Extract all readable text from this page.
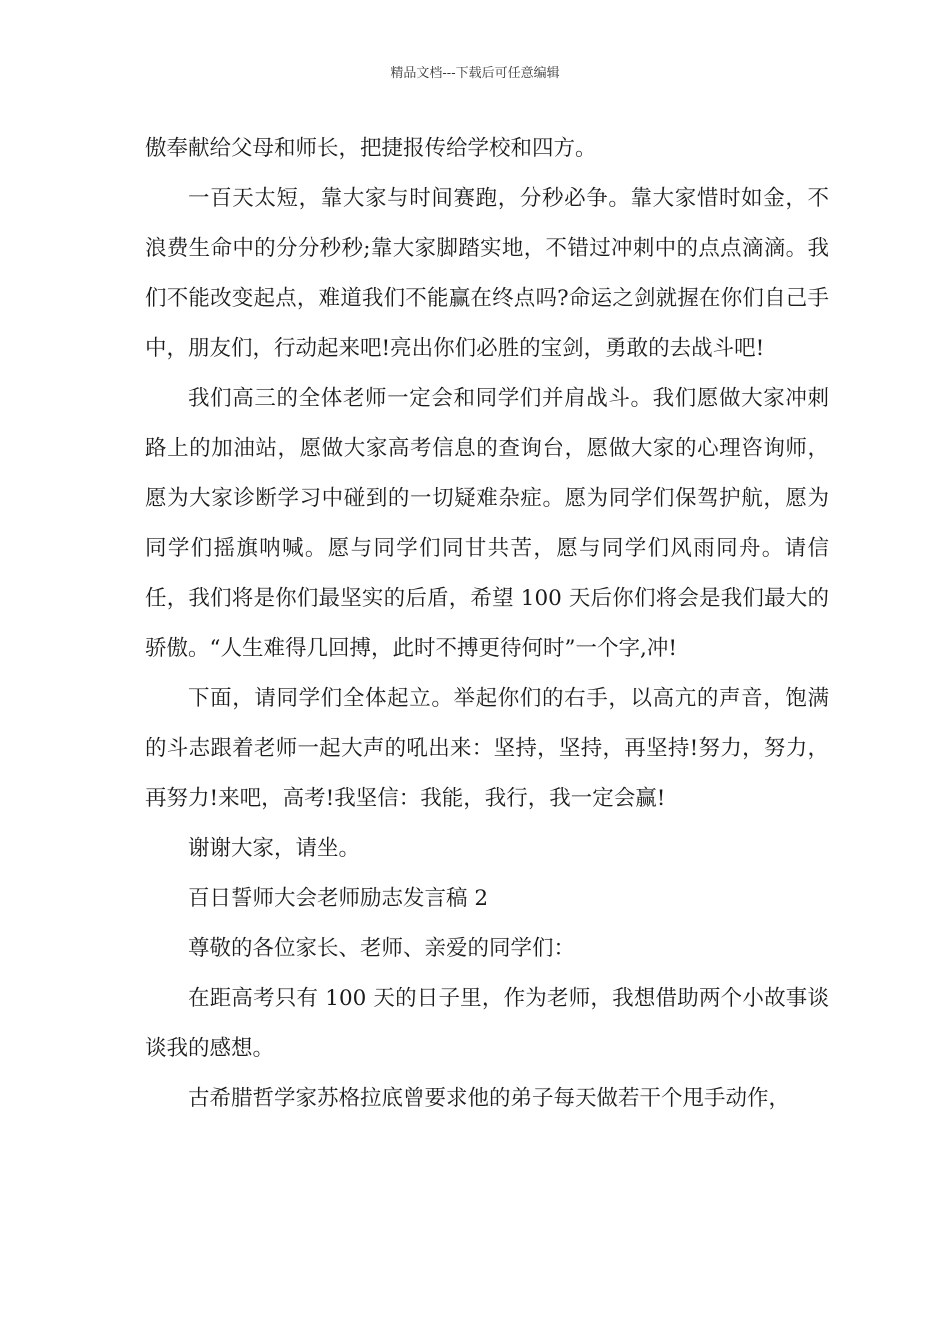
精品文档---下载后可任意编辑

傲奉献给父母和师长，把捷报传给学校和四方。

一百天太短，靠大家与时间赛跑，分秒必争。靠大家惜时如金，不浪费生命中的分分秒秒;靠大家脚踏实地，不错过冲刺中的点点滴滴。我们不能改变起点，难道我们不能赢在终点吗?命运之剑就握在你们自己手中，朋友们，行动起来吧!亮出你们必胜的宝剑，勇敢的去战斗吧!

我们高三的全体老师一定会和同学们并肩战斗。我们愿做大家冲刺路上的加油站，愿做大家高考信息的查询台，愿做大家的心理咨询师，愿为大家诊断学习中碰到的一切疑难杂症。愿为同学们保驾护航，愿为同学们摇旗呐喊。愿与同学们同甘共苦，愿与同学们风雨同舟。请信任，我们将是你们最坚实的后盾，希望 100 天后你们将会是我们最大的骄傲。“人生难得几回搏，此时不搏更待何时”一个字,冲!

下面，请同学们全体起立。举起你们的右手，以高亢的声音，饱满的斗志跟着老师一起大声的吼出来：坚持，坚持，再坚持!努力，努力，再努力!来吧，高考!我坚信：我能，我行，我一定会赢!

谢谢大家，请坐。

百日誓师大会老师励志发言稿 2

尊敬的各位家长、老师、亲爱的同学们：

在距高考只有 100 天的日子里，作为老师，我想借助两个小故事谈谈我的感想。

古希腊哲学家苏格拉底曾要求他的弟子每天做若干个甩手动作，
